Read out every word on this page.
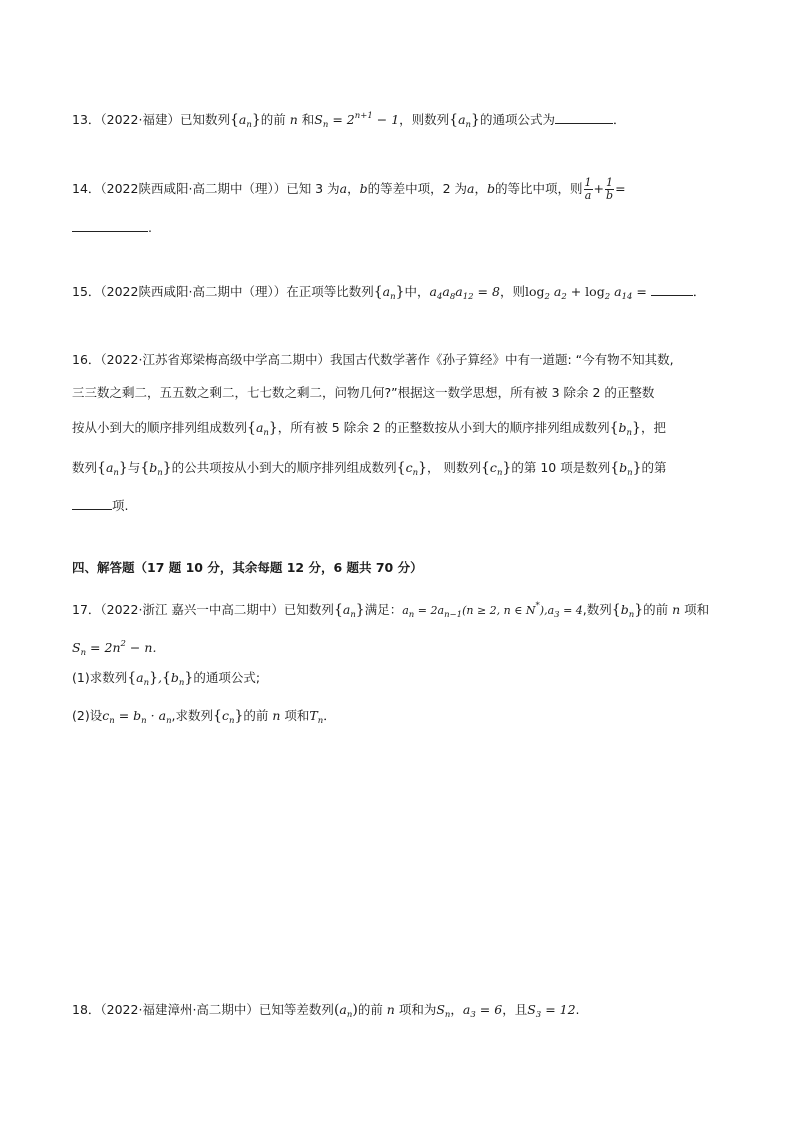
13．（2022·福建）已知数列$\{a_n\}$的前 n 和$S_n = 2^{n+1} - 1$，则数列$\{a_n\}$的通项公式为	．
14．（2022陕西咸阳·高二期中（理））已知 3 为a，b的等差中项，2 为a，b的等比中项，则 $\frac{1}{a} + \frac{1}{b}$ =
.
15．（2022陕西咸阳·高二期中（理））在正项等比数列$\{a_n\}$中，$a_4a_8a_{12} = 8$，则$\log_2 a_2 + \log_2 a_{14}$ =	．
16．（2022·江苏省郑梁梅高级中学高二期中）我国古代数学著作《孙子算经》中有一道题: “今有物不知其数,
三三数之剩二，五五数之剩二，七七数之剩二，问物几何?”根据这一数学思想，所有被 3 除余 2 的正整数
按从小到大的顺序排列组成数列$\{a_n\}$，所有被 5 除余 2 的正整数按从小到大的顺序排列组成数列$\{b_n\}$，把
数列$\{a_n\}$与$\{b_n\}$的公共项按从小到大的顺序排列组成数列$\{c_n\}$， 则数列$\{c_n\}$的第 10 项是数列$\{b_n\}$的第
项.
四、解答题（17 题 10 分，其余每题 12 分，6 题共 70 分）
17．（2022·浙江 嘉兴一中高二期中）已知数列$\{a_n\}$满足：$a_n = 2a_{n-1}(n \ge 2$, n ∈ $N^*),a_3 = 4$,数列$\{b_n\}$的前 n 项和
$S_n = 2n^2 - n$.
(1)求数列$\{a_n\},\{b_n\}$的通项公式;
(2)设$c_n = b_n \cdot a_n$,求数列$\{c_n\}$的前 n 项和$T_n$．
18．（2022·福建漳州·高二期中）已知等差数列$(a_n)$的前 n 项和为$S_n$，$a_3 = 6$，且$S_3 = 12$.
